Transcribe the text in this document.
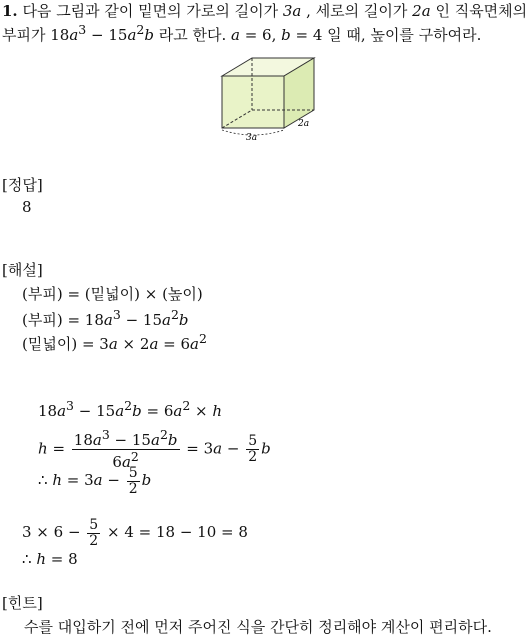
1. 다음 그림과 같이 밑면의 가로의 길이가 3a , 세로의 길이가 2a 인 직육면체의
부피가 $18a^3 - 15a^2b$ 라고 한다. a = 6, b = 4 일 때, 높이를 구하여라.
3a
2a
[정답]
8
[해설]
(부피) = (밑넓이) × (높이)
(부피) = $18a^3 - 15a^2b$
(밑넓이) = $3a \times 2a = 6a^2$
$18a^3 - 15a^2b = 6a^2 \times h$
$h = \frac{18a^3 - 15a^2b}{6a^2} = 3a - \frac{5}{2}$ b
∴ $h = 3a - \frac{5}{2}$ b
$3 \times 6 - \frac{5}{2} \times 4 = 18 - 10 = 8$
∴ h = 8
[힌트]
수를 대입하기 전에 먼저 주어진 식을 간단히 정리해야 계산이 편리하다.
